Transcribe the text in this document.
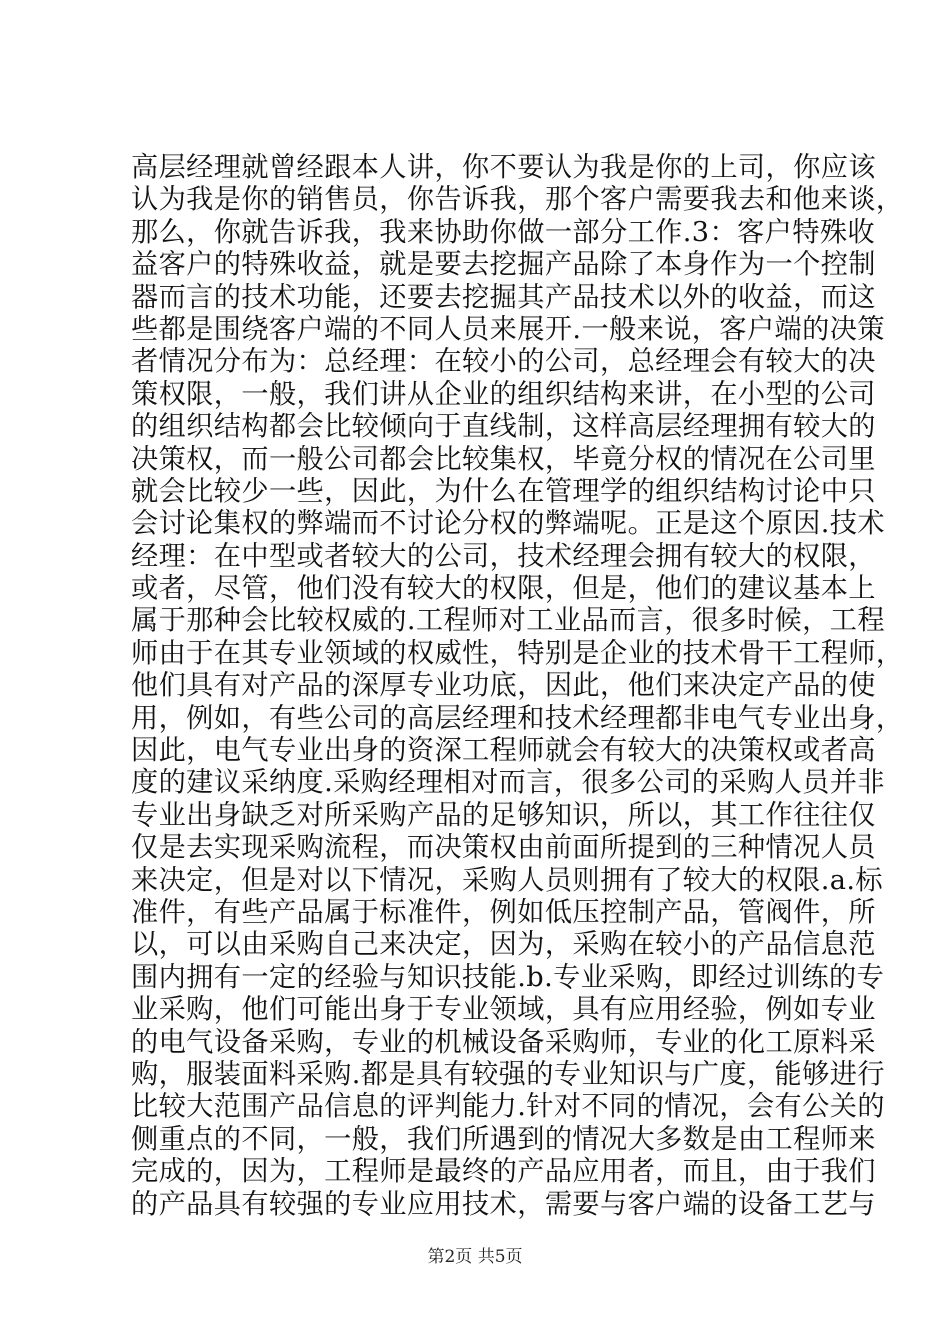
高层经理就曾经跟本人讲，你不要认为我是你的上司，你应该
认为我是你的销售员，你告诉我，那个客户需要我去和他来谈，
那么，你就告诉我，我来协助你做一部分工作.3：客户特殊收
益客户的特殊收益，就是要去挖掘产品除了本身作为一个控制
器而言的技术功能，还要去挖掘其产品技术以外的收益，而这
些都是围绕客户端的不同人员来展开.一般来说，客户端的决策
者情况分布为：总经理：在较小的公司，总经理会有较大的决
策权限，一般，我们讲从企业的组织结构来讲，在小型的公司
的组织结构都会比较倾向于直线制，这样高层经理拥有较大的
决策权，而一般公司都会比较集权，毕竟分权的情况在公司里
就会比较少一些，因此，为什么在管理学的组织结构讨论中只
会讨论集权的弊端而不讨论分权的弊端呢。正是这个原因.技术
经理：在中型或者较大的公司，技术经理会拥有较大的权限，
或者，尽管，他们没有较大的权限，但是，他们的建议基本上
属于那种会比较权威的.工程师对工业品而言，很多时候，工程
师由于在其专业领域的权威性，特别是企业的技术骨干工程师，
他们具有对产品的深厚专业功底，因此，他们来决定产品的使
用，例如，有些公司的高层经理和技术经理都非电气专业出身，
因此，电气专业出身的资深工程师就会有较大的决策权或者高
度的建议采纳度.采购经理相对而言，很多公司的采购人员并非
专业出身缺乏对所采购产品的足够知识，所以，其工作往往仅
仅是去实现采购流程，而决策权由前面所提到的三种情况人员
来决定，但是对以下情况，采购人员则拥有了较大的权限.a.标
准件，有些产品属于标准件，例如低压控制产品，管阀件，所
以，可以由采购自己来决定，因为，采购在较小的产品信息范
围内拥有一定的经验与知识技能.b.专业采购，即经过训练的专
业采购，他们可能出身于专业领域，具有应用经验，例如专业
的电气设备采购，专业的机械设备采购师，专业的化工原料采
购，服装面料采购.都是具有较强的专业知识与广度，能够进行
比较大范围产品信息的评判能力.针对不同的情况，会有公关的
侧重点的不同，一般，我们所遇到的情况大多数是由工程师来
完成的，因为，工程师是最终的产品应用者，而且，由于我们
的产品具有较强的专业应用技术，需要与客户端的设备工艺与
第2页 共5页
